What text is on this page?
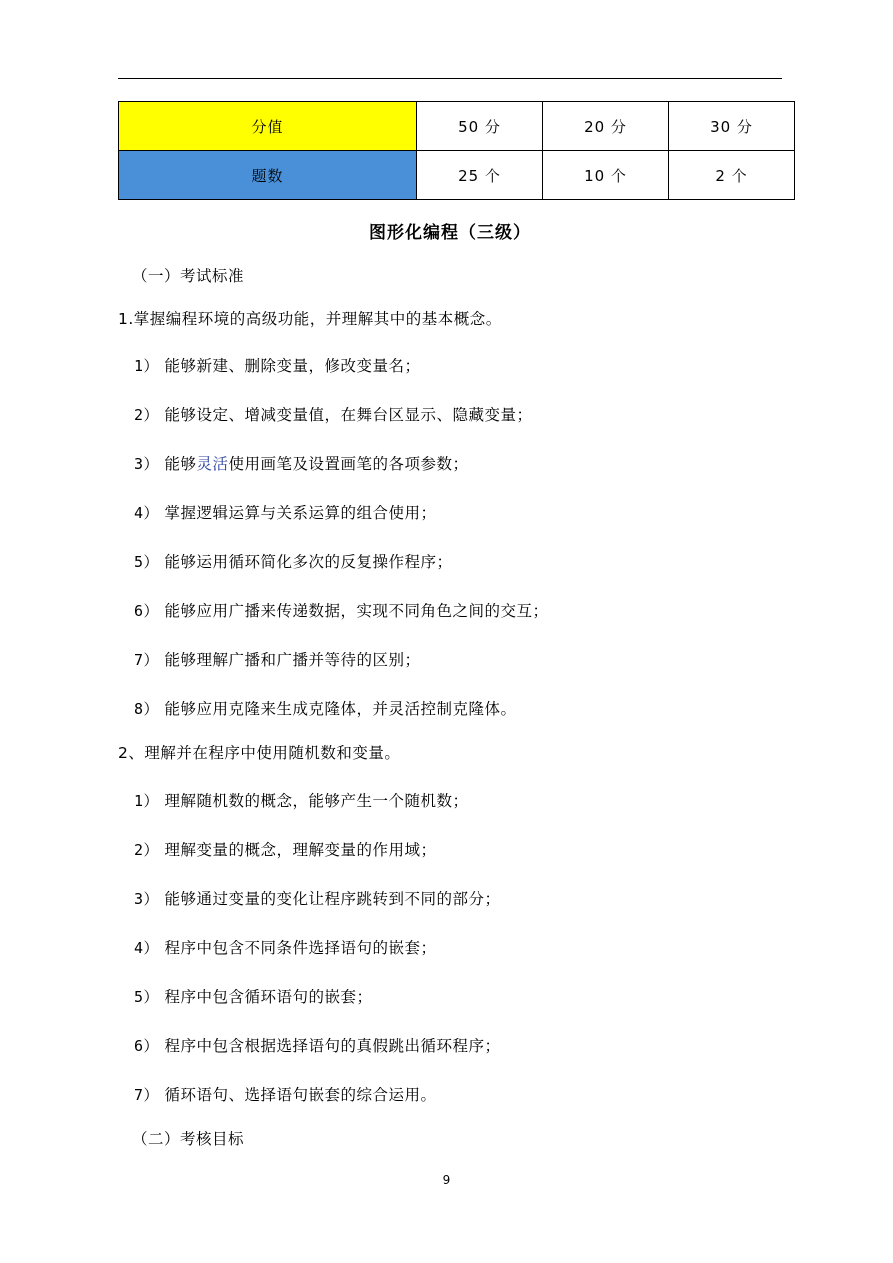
分值	50 分	20 分	30 分
题数	25 个	10 个	2 个
图形化编程（三级）

（一）考试标准

1.掌握编程环境的高级功能，并理解其中的基本概念。

1） 能够新建、删除变量，修改变量名；

2） 能够设定、增减变量值，在舞台区显示、隐藏变量；

3） 能够灵活使用画笔及设置画笔的各项参数；

4） 掌握逻辑运算与关系运算的组合使用；

5） 能够运用循环简化多次的反复操作程序；

6） 能够应用广播来传递数据，实现不同角色之间的交互；

7） 能够理解广播和广播并等待的区别；

8） 能够应用克隆来生成克隆体，并灵活控制克隆体。

2、理解并在程序中使用随机数和变量。

1） 理解随机数的概念，能够产生一个随机数；

2） 理解变量的概念，理解变量的作用域；

3） 能够通过变量的变化让程序跳转到不同的部分；

4） 程序中包含不同条件选择语句的嵌套；

5） 程序中包含循环语句的嵌套；

6） 程序中包含根据选择语句的真假跳出循环程序；

7） 循环语句、选择语句嵌套的综合运用。

（二）考核目标

9
